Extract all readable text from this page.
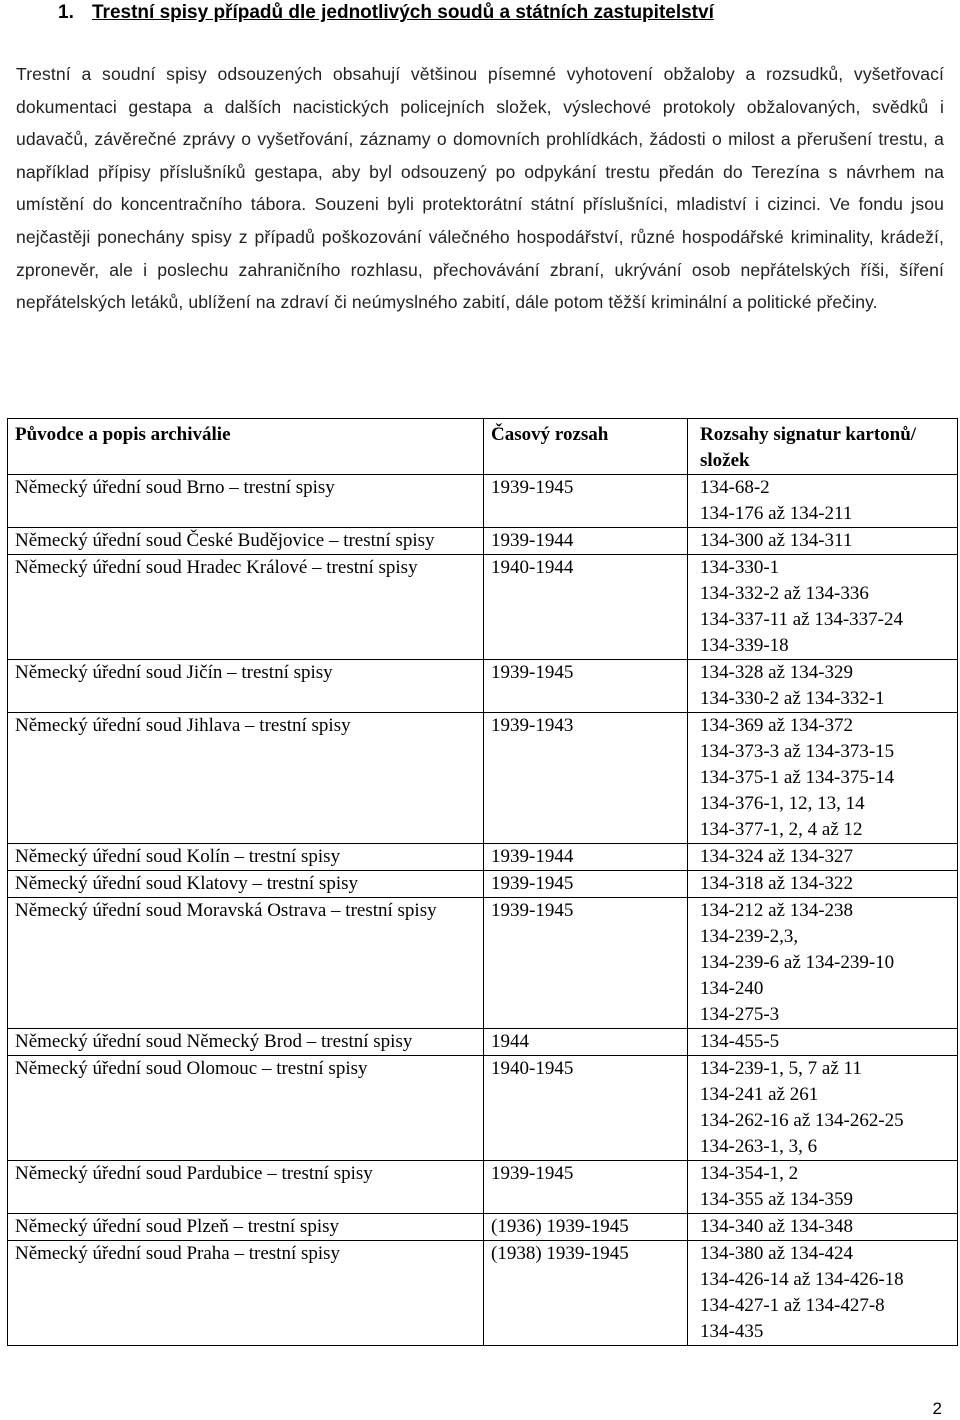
1. Trestní spisy případů dle jednotlivých soudů a státních zastupitelství

Trestní a soudní spisy odsouzených obsahují většinou písemné vyhotovení obžaloby a rozsudků, vyšetřovací dokumentaci gestapa a dalších nacistických policejních složek, výslechové protokoly obžalovaných, svědků i udavačů, závěrečné zprávy o vyšetřování, záznamy o domovních prohlídkách, žádosti o milost a přerušení trestu, a například přípisy příslušníků gestapa, aby byl odsouzený po odpykání trestu předán do Terezína s návrhem na umístění do koncentračního tábora. Souzeni byli protektorátní státní příslušníci, mladiství i cizinci. Ve fondu jsou nejčastěji ponechány spisy z případů poškozování válečného hospodářství, různé hospodářské kriminality, krádeží, zpronevěr, ale i poslechu zahraničního rozhlasu, přechovávání zbraní, ukrývání osob nepřátelských říši, šíření nepřátelských letáků, ublížení na zdraví či neúmyslného zabití, dále potom těžší kriminální a politické přečiny.

Původce a popis archiválie	Časový rozsah	Rozsahy signatur kartonů/ složek
Německý úřední soud Brno – trestní spisy	1939-1945	134-68-2
134-176 až 134-211

Německý úřední soud České Budějovice – trestní spisy	1939-1944	134-300 až 134-311

Německý úřední soud Hradec Králové – trestní spisy	1940-1944	134-330-1
134-332-2 až 134-336
134-337-11 až 134-337-24
134-339-18

Německý úřední soud Jičín – trestní spisy	1939-1945	134-328 až 134-329
134-330-2 až 134-332-1

Německý úřední soud Jihlava – trestní spisy	1939-1943	134-369 až 134-372
134-373-3 až 134-373-15
134-375-1 až 134-375-14
134-376-1, 12, 13, 14
134-377-1, 2, 4 až 12

Německý úřední soud Kolín – trestní spisy	1939-1944	134-324 až 134-327

Německý úřední soud Klatovy – trestní spisy	1939-1945	134-318 až 134-322

Německý úřední soud Moravská Ostrava – trestní spisy	1939-1945	134-212 až 134-238
134-239-2,3,
134-239-6 až 134-239-10
134-240
134-275-3

Německý úřední soud Německý Brod – trestní spisy	1944	134-455-5

Německý úřední soud Olomouc – trestní spisy	1940-1945	134-239-1, 5, 7 až 11
134-241 až 261
134-262-16 až 134-262-25
134-263-1, 3, 6

Německý úřední soud Pardubice – trestní spisy	1939-1945	134-354-1, 2
134-355 až 134-359

Německý úřední soud Plzeň – trestní spisy	(1936) 1939-1945	134-340 až 134-348

Německý úřední soud Praha – trestní spisy	(1938) 1939-1945	134-380 až 134-424
134-426-14 až 134-426-18
134-427-1 až 134-427-8
134-435
2
